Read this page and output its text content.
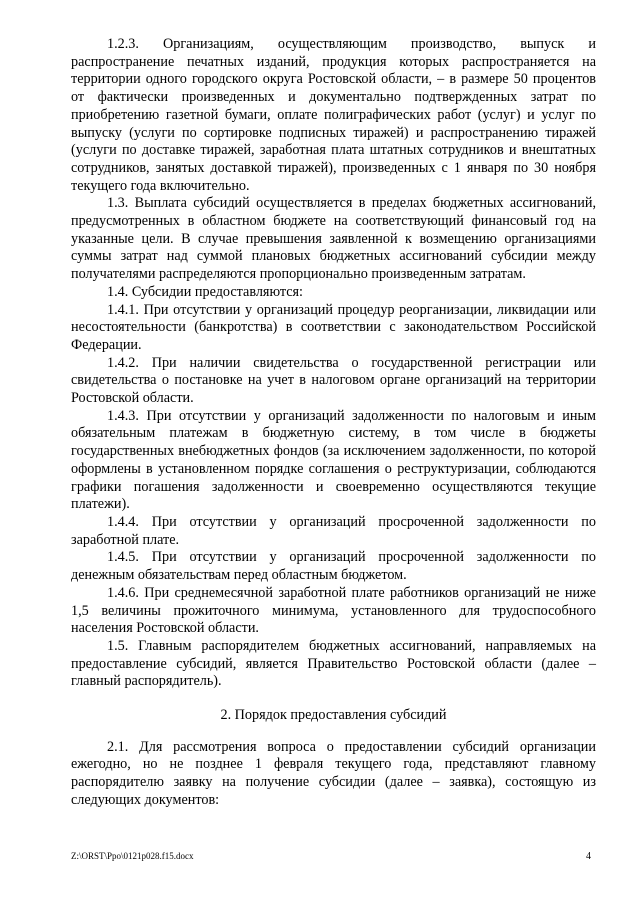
1.2.3. Организациям, осуществляющим производство, выпуск и распространение печатных изданий, продукция которых распространяется на территории одного городского округа Ростовской области, – в размере 50 процентов от фактически произведенных и документально подтвержденных затрат по приобретению газетной бумаги, оплате полиграфических работ (услуг) и услуг по выпуску (услуги по сортировке подписных тиражей) и распространению тиражей (услуги по доставке тиражей, заработная плата штатных сотрудников и внештатных сотрудников, занятых доставкой тиражей), произведенных с 1 января по 30 ноября текущего года включительно.

1.3. Выплата субсидий осуществляется в пределах бюджетных ассигнований, предусмотренных в областном бюджете на соответствующий финансовый год на указанные цели. В случае превышения заявленной к возмещению организациями суммы затрат над суммой плановых бюджетных ассигнований субсидии между получателями распределяются пропорционально произведенным затратам.

1.4. Субсидии предоставляются:

1.4.1. При отсутствии у организаций процедур реорганизации, ликвидации или несостоятельности (банкротства) в соответствии с законодательством Российской Федерации.

1.4.2. При наличии свидетельства о государственной регистрации или свидетельства о постановке на учет в налоговом органе организаций на территории Ростовской области.

1.4.3. При отсутствии у организаций задолженности по налоговым и иным обязательным платежам в бюджетную систему, в том числе в бюджеты государственных внебюджетных фондов (за исключением задолженности, по которой оформлены в установленном порядке соглашения о реструктуризации, соблюдаются графики погашения задолженности и своевременно осуществляются текущие платежи).

1.4.4. При отсутствии у организаций просроченной задолженности по заработной плате.

1.4.5. При отсутствии у организаций просроченной задолженности по денежным обязательствам перед областным бюджетом.

1.4.6. При среднемесячной заработной плате работников организаций не ниже 1,5 величины прожиточного минимума, установленного для трудоспособного населения Ростовской области.

1.5. Главным распорядителем бюджетных ассигнований, направляемых на предоставление субсидий, является Правительство Ростовской области (далее – главный распорядитель).

2. Порядок предоставления субсидий

2.1. Для рассмотрения вопроса о предоставлении субсидий организации ежегодно, но не позднее 1 февраля текущего года, представляют главному распорядителю заявку на получение субсидии (далее – заявка), состоящую из следующих документов:

Z:\ORST\Ppo\0121p028.f15.docx	4
